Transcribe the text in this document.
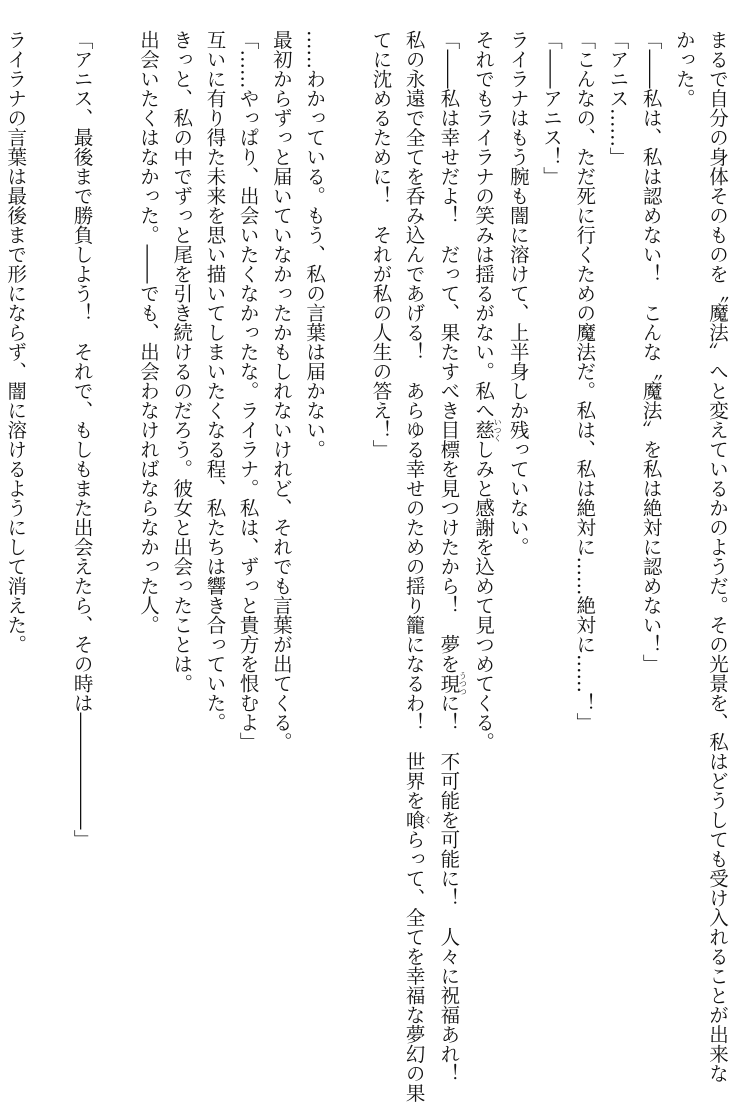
まるで自分の身体そのものを〝魔法〟へと変えているかのようだ。その光景を、私はどうしても受け入れることが出来な

かった。

「――私は、私は認めない！　こんな〝魔法〟を私は絶対に認めない！」

「アニス……」

「こんなの、ただ死に行くための魔法だ。私は、私は絶対に……絶対に……！」

「――アニス！」

ライラナはもう腕も闇に溶けて、上半身しか残っていない。

それでもライラナの笑みは揺るがない。私へ慈いつくしみと感謝を込めて見つめてくる。

「――私は幸せだよ！　だって、果たすべき目標を見つけたから！　夢を現うつつに！　不可能を可能に！　人々に祝福あれ！

私の永遠で全てを呑み込んであげる！　あらゆる幸せのための揺り籠になるわ！　世界を喰くらって、全てを幸福な夢幻の果

てに沈めるために！　それが私の人生の答え！」

……わかっている。もう、私の言葉は届かない。

最初からずっと届いていなかったかもしれないけれど、それでも言葉が出てくる。

「……やっぱり、出会いたくなかったな。ライラナ。私は、ずっと貴方を恨むよ」

互いに有り得た未来を思い描いてしまいたくなる程、私たちは響き合っていた。

きっと、私の中でずっと尾を引き続けるのだろう。彼女と出会ったことは。

出会いたくはなかった。――でも、出会わなければならなかった人。

「アニス、最後まで勝負しよう！　それで、もしもまた出会えたら、その時は――――――」

ライラナの言葉は最後まで形にならず、闇に溶けるようにして消えた。
